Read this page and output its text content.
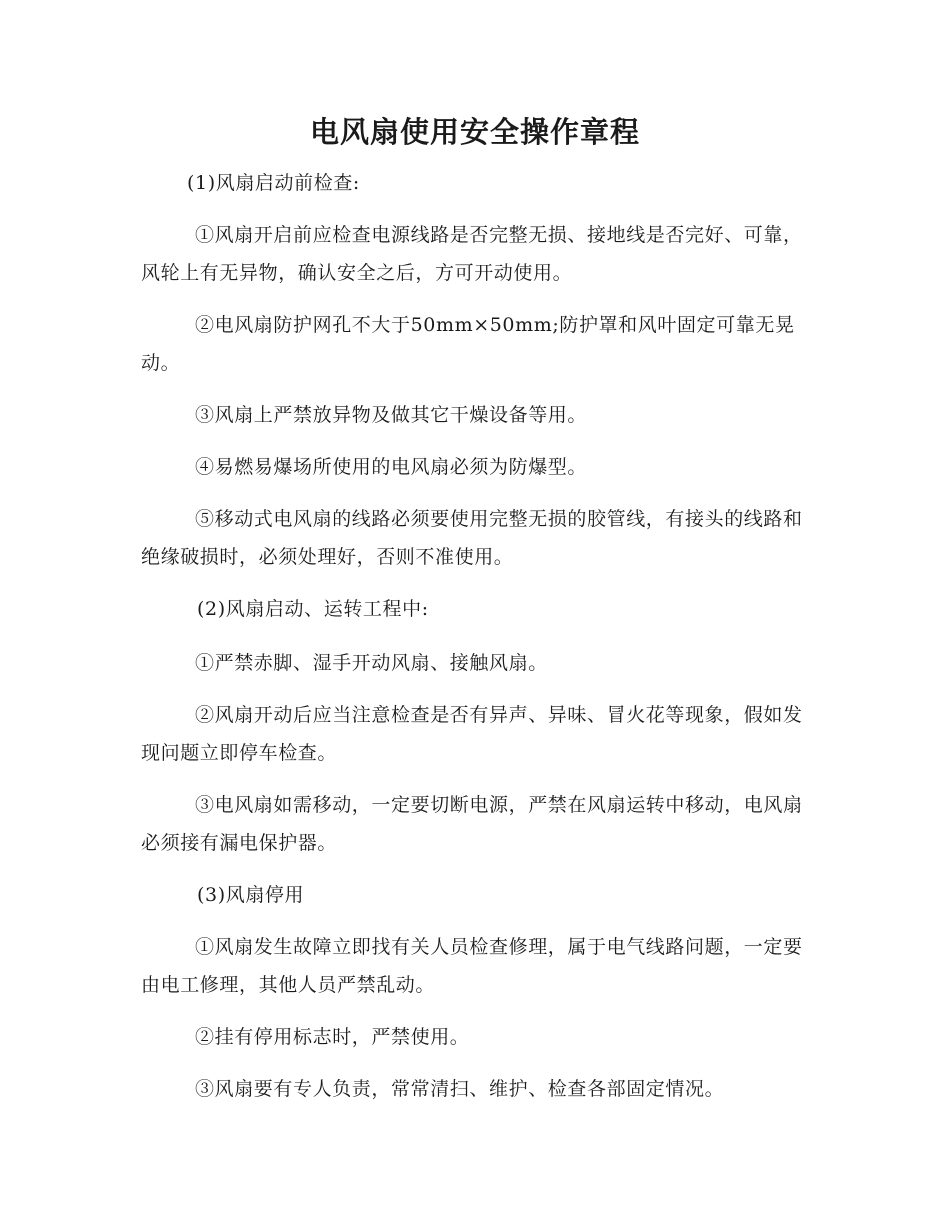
电风扇使用安全操作章程

(1)风扇启动前检查:

①风扇开启前应检查电源线路是否完整无损、接地线是否完好、可靠，风轮上有无异物，确认安全之后，方可开动使用。

②电风扇防护网孔不大于50mm×50mm;防护罩和风叶固定可靠无晃动。

③风扇上严禁放异物及做其它干燥设备等用。

④易燃易爆场所使用的电风扇必须为防爆型。

⑤移动式电风扇的线路必须要使用完整无损的胶管线，有接头的线路和绝缘破损时，必须处理好，否则不准使用。

(2)风扇启动、运转工程中:

①严禁赤脚、湿手开动风扇、接触风扇。

②风扇开动后应当注意检查是否有异声、异味、冒火花等现象，假如发现问题立即停车检查。

③电风扇如需移动，一定要切断电源，严禁在风扇运转中移动，电风扇必须接有漏电保护器。

(3)风扇停用

①风扇发生故障立即找有关人员检查修理，属于电气线路问题，一定要由电工修理，其他人员严禁乱动。

②挂有停用标志时，严禁使用。

③风扇要有专人负责，常常清扫、维护、检查各部固定情况。
